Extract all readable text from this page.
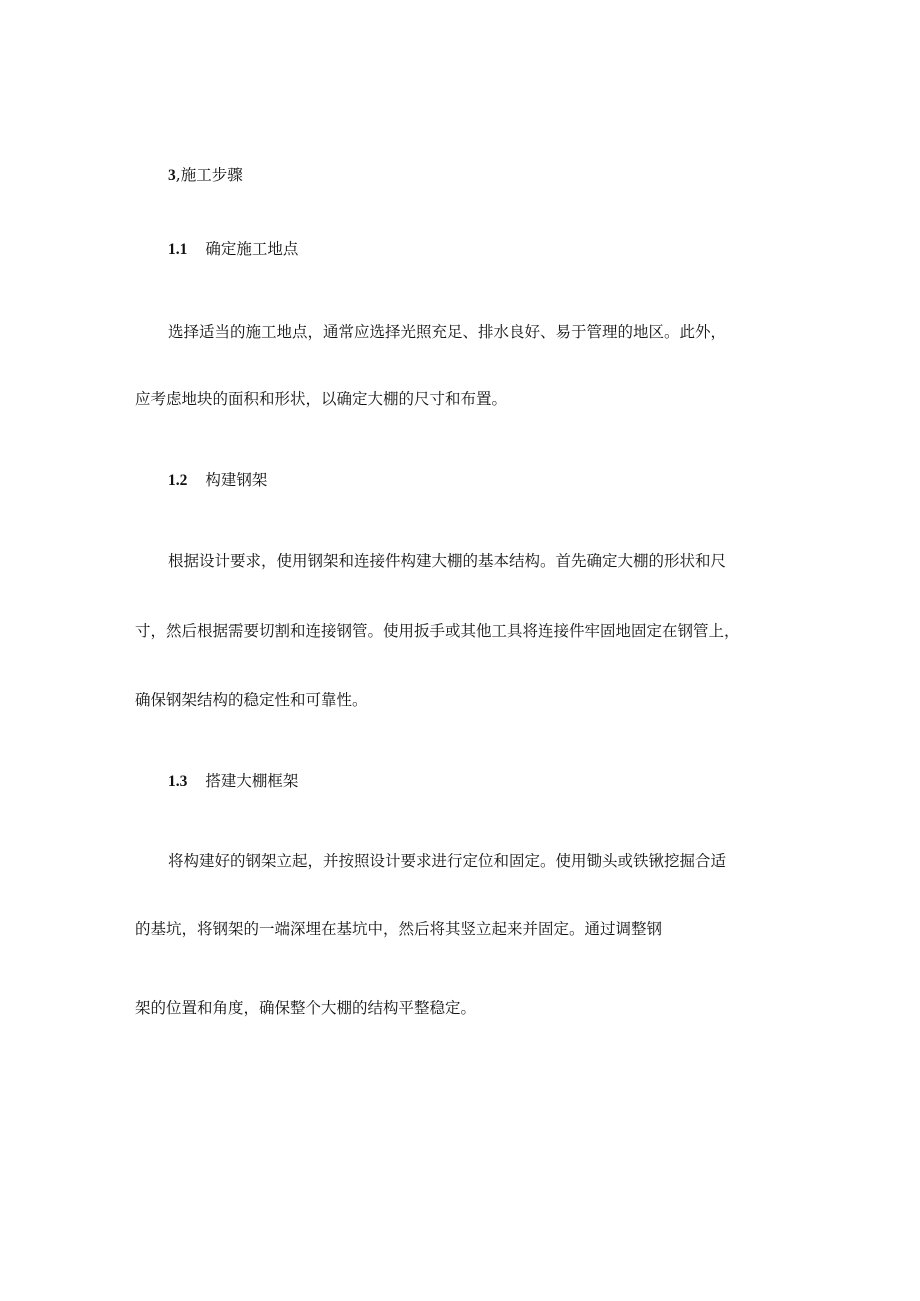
3,施工步骤
1.1 确定施工地点
选择适当的施工地点，通常应选择光照充足、排水良好、易于管理的地区。此外，
应考虑地块的面积和形状，以确定大棚的尺寸和布置。
1.2 构建钢架
根据设计要求，使用钢架和连接件构建大棚的基本结构。首先确定大棚的形状和尺
寸，然后根据需要切割和连接钢管。使用扳手或其他工具将连接件牢固地固定在钢管上，
确保钢架结构的稳定性和可靠性。
1.3 搭建大棚框架
将构建好的钢架立起，并按照设计要求进行定位和固定。使用锄头或铁锹挖掘合适
的基坑，将钢架的一端深埋在基坑中，然后将其竖立起来并固定。通过调整钢
架的位置和角度，确保整个大棚的结构平整稳定。
